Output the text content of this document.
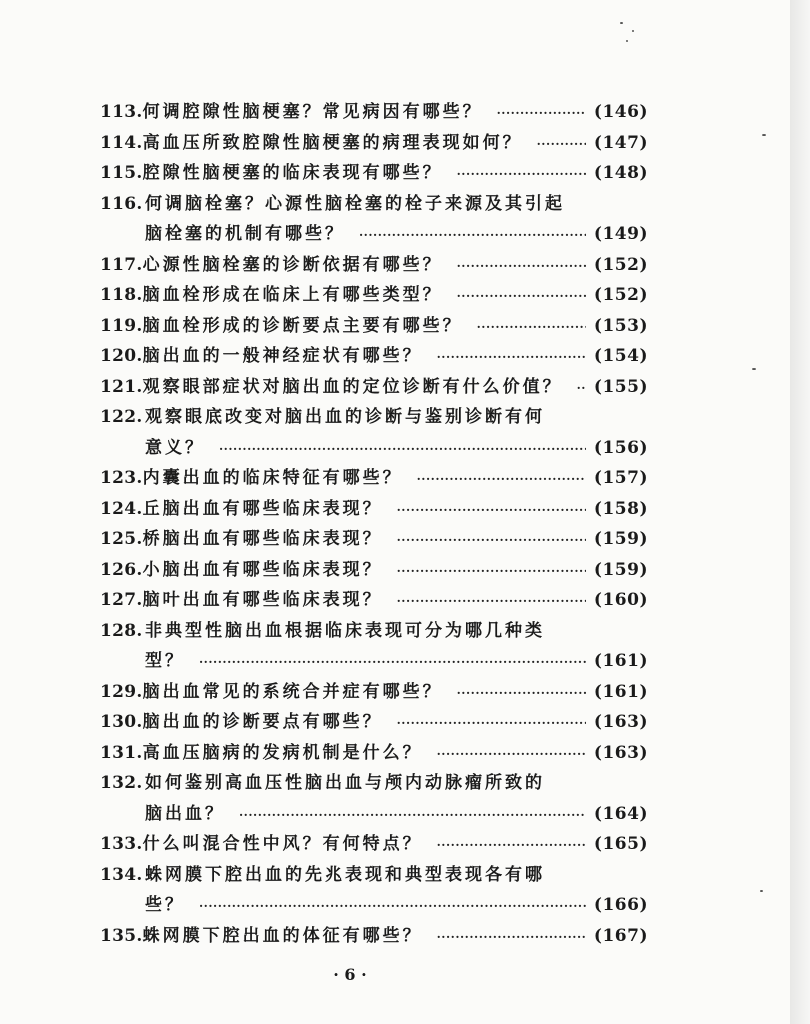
113. 何调腔隙性脑梗塞？常见病因有哪些？ ·····	(146)
114. 高血压所致腔隙性脑梗塞的病理表现如何？ ·····	(147)
115. 腔隙性脑梗塞的临床表现有哪些？ ·····	(148)
116. 何调脑栓塞？心源性脑栓塞的栓子来源及其引起
脑栓塞的机制有哪些？ ·····	(149)
117. 心源性脑栓塞的诊断依据有哪些？ ·····	(152)
118. 脑血栓形成在临床上有哪些类型？ ·····	(152)
119. 脑血栓形成的诊断要点主要有哪些？ ·····	(153)
120. 脑出血的一般神经症状有哪些？ ·····	(154)
121. 观察眼部症状对脑出血的定位诊断有什么价值？ ····· (155)
122. 观察眼底改变对脑出血的诊断与鉴别诊断有何
意义？ ·····	(156)
123. 内囊出血的临床特征有哪些？ ·····	(157)
124. 丘脑出血有哪些临床表现？ ·····	(158)
125. 桥脑出血有哪些临床表现？ ·····	(159)
126. 小脑出血有哪些临床表现？ ·····	(159)
127. 脑叶出血有哪些临床表现？ ·····	(160)
128. 非典型性脑出血根据临床表现可分为哪几种类
型？ ·····	(161)
129. 脑出血常见的系统合并症有哪些？ ·····	(161)
130. 脑出血的诊断要点有哪些？ ·····	(163)
131. 高血压脑病的发病机制是什么？ ·····	(163)
132. 如何鉴别高血压性脑出血与颅内动脉瘤所致的
脑出血？ ·····	(164)
133. 什么叫混合性中风？有何特点？ ·····	(165)
134. 蛛网膜下腔出血的先兆表现和典型表现各有哪
些？ ·····	(166)
135. 蛛网膜下腔出血的体征有哪些？ ·····	(167)
· 6 ·
